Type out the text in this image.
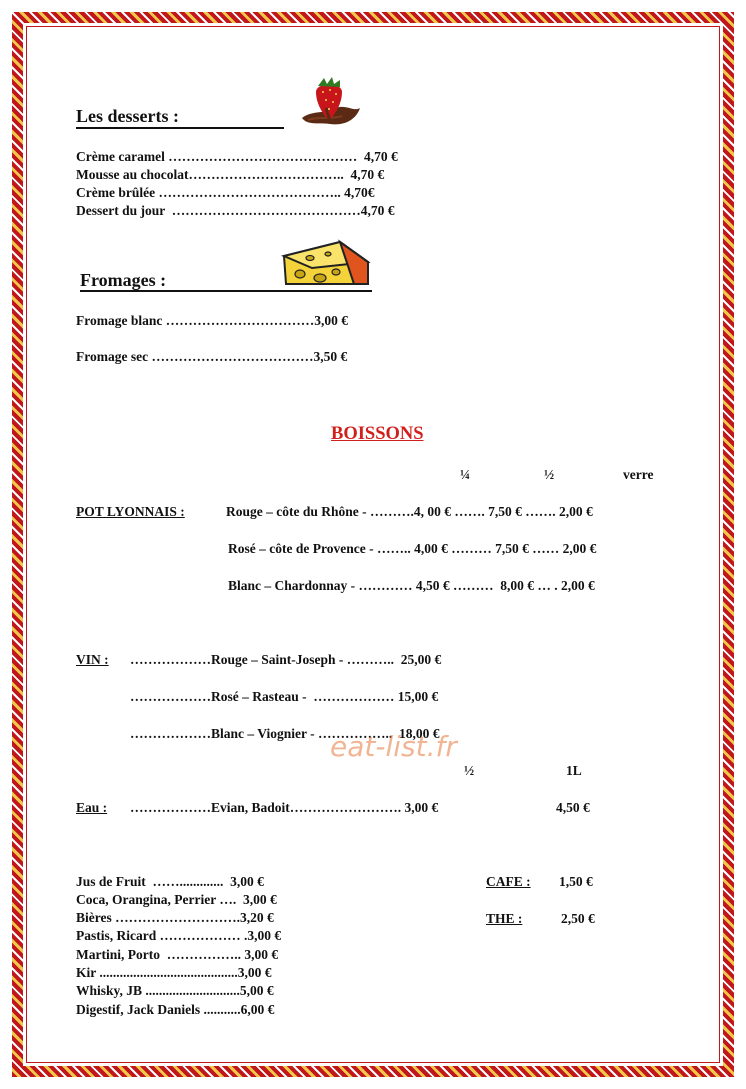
Les desserts :
Crème caramel ……………………………………  4,70 €
Mousse au chocolat……………………………..  4,70 €
Crème brûlée ………………………………….. 4,70€
Dessert du jour  ……………………………………4,70 €
Fromages :
Fromage blanc ……………………………3,00 €
Fromage sec ………………………………3,50 €
BOISSONS
¼	½	verre
POT LYONNAIS :	Rouge – côte du Rhône - ……….4, 00 € ……. 7,50 € ……. 2,00 €
Rosé – côte de Provence - …….. 4,00 € ……… 7,50 € …… 2,00 €
Blanc – Chardonnay - ………… 4,50 € ………  8,00 € … . 2,00 €
VIN : ………………Rouge – Saint-Joseph - ………..  25,00 €
………………Rosé – Rasteau -  ……………… 15,00 €
………………Blanc – Viognier - ……………..  18,00 €
eat-list.fr
½	1L
Eau : ………………Evian, Badoit……………………. 3,00 €	4,50 €
Jus de Fruit  …….............  3,00 €
Coca, Orangina, Perrier ….  3,00 €
Bières ……………………….3,20 €
Pastis, Ricard ……………… .3,00 €
Martini, Porto  …………….. 3,00 €
Kir .........................................3,00 €
Whisky, JB ............................5,00 €
Digestif, Jack Daniels ...........6,00 €
CAFE : 1,50 €
THE :	2,50 €
